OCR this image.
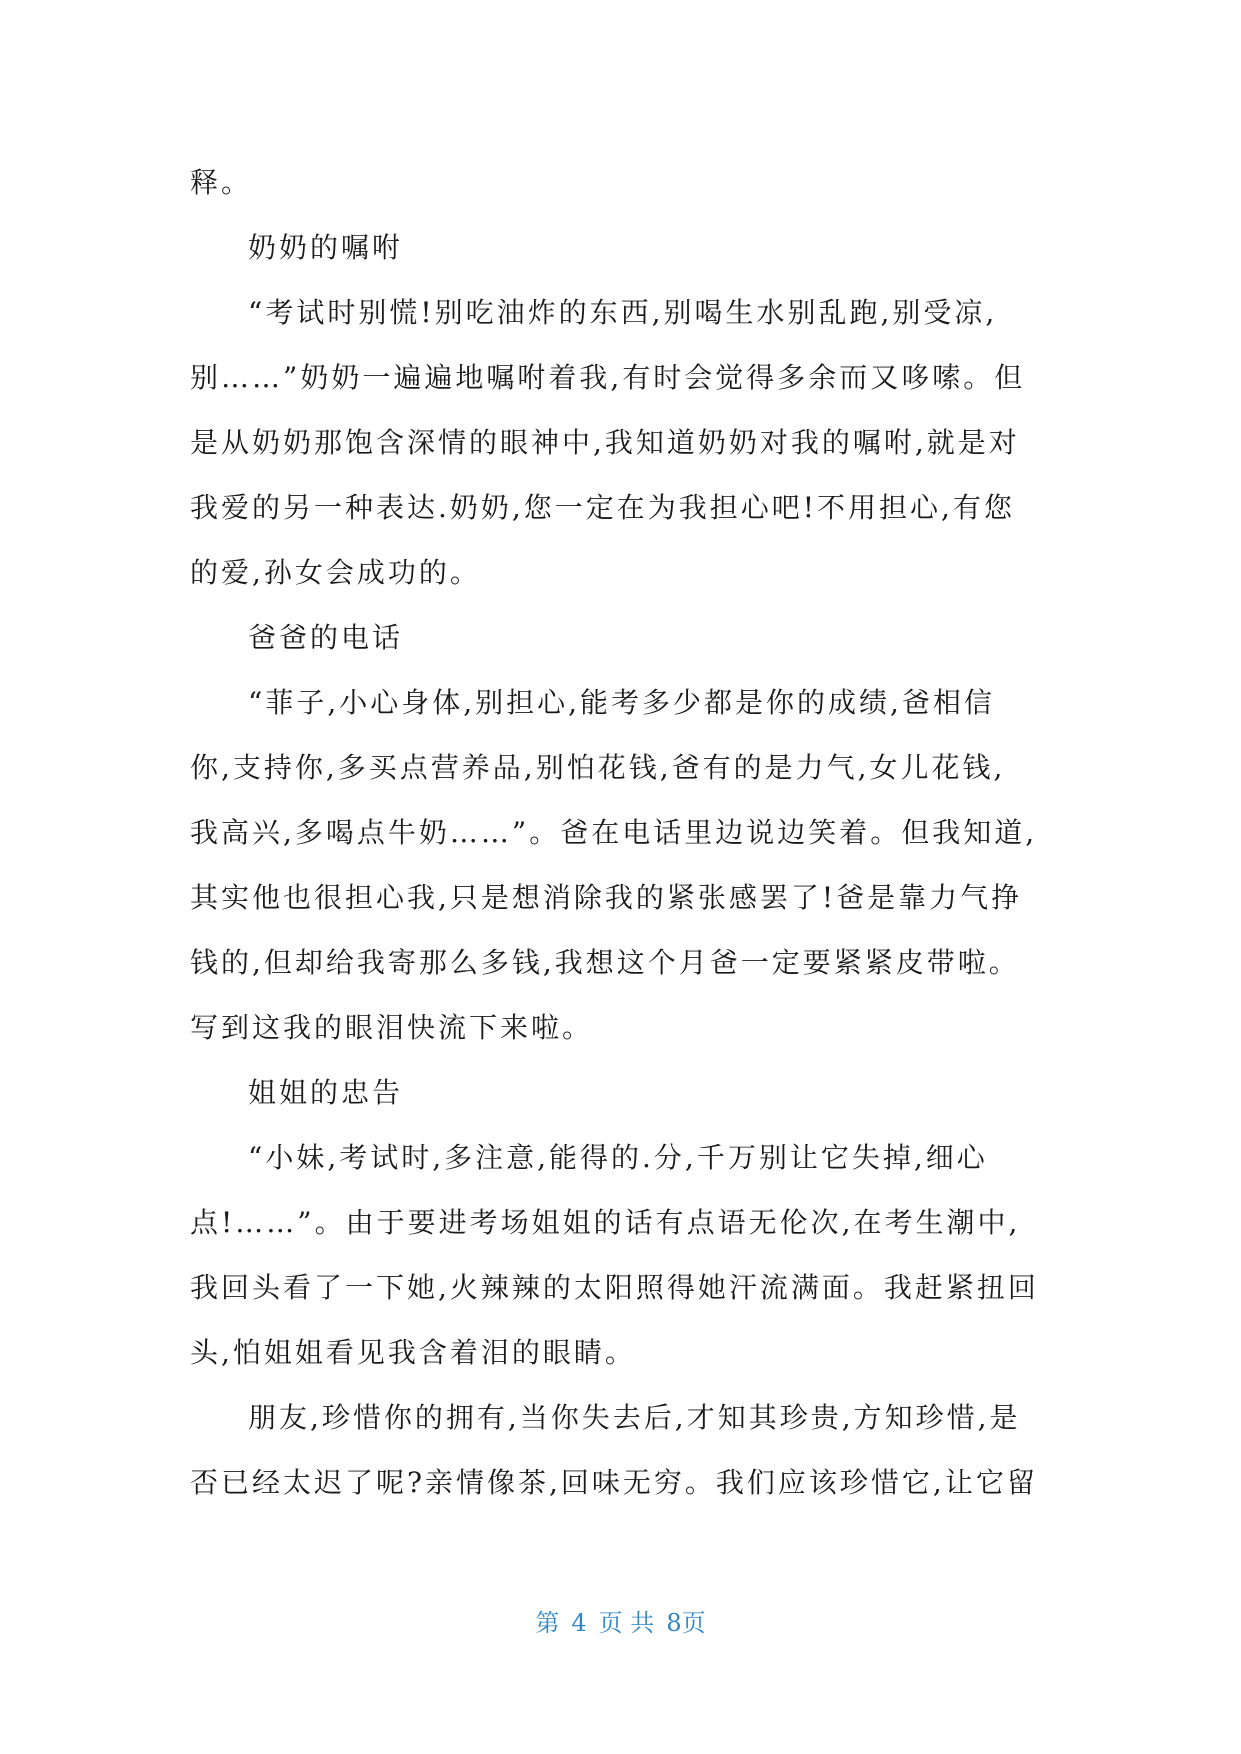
释。

奶奶的嘱咐

“考试时别慌!别吃油炸的东西,别喝生水别乱跑,别受凉,

别……”奶奶一遍遍地嘱咐着我,有时会觉得多余而又哆嗦。但

是从奶奶那饱含深情的眼神中,我知道奶奶对我的嘱咐,就是对

我爱的另一种表达.奶奶,您一定在为我担心吧!不用担心,有您

的爱,孙女会成功的。

爸爸的电话

“菲子,小心身体,别担心,能考多少都是你的成绩,爸相信

你,支持你,多买点营养品,别怕花钱,爸有的是力气,女儿花钱,

我高兴,多喝点牛奶……”。爸在电话里边说边笑着。但我知道,

其实他也很担心我,只是想消除我的紧张感罢了!爸是靠力气挣

钱的,但却给我寄那么多钱,我想这个月爸一定要紧紧皮带啦。

写到这我的眼泪快流下来啦。

姐姐的忠告

“小妹,考试时,多注意,能得的.分,千万别让它失掉,细心

点!……”。由于要进考场姐姐的话有点语无伦次,在考生潮中,

我回头看了一下她,火辣辣的太阳照得她汗流满面。我赶紧扭回

头,怕姐姐看见我含着泪的眼睛。

朋友,珍惜你的拥有,当你失去后,才知其珍贵,方知珍惜,是

否已经太迟了呢?亲情像茶,回味无穷。我们应该珍惜它,让它留

第 4 页 共 8页
